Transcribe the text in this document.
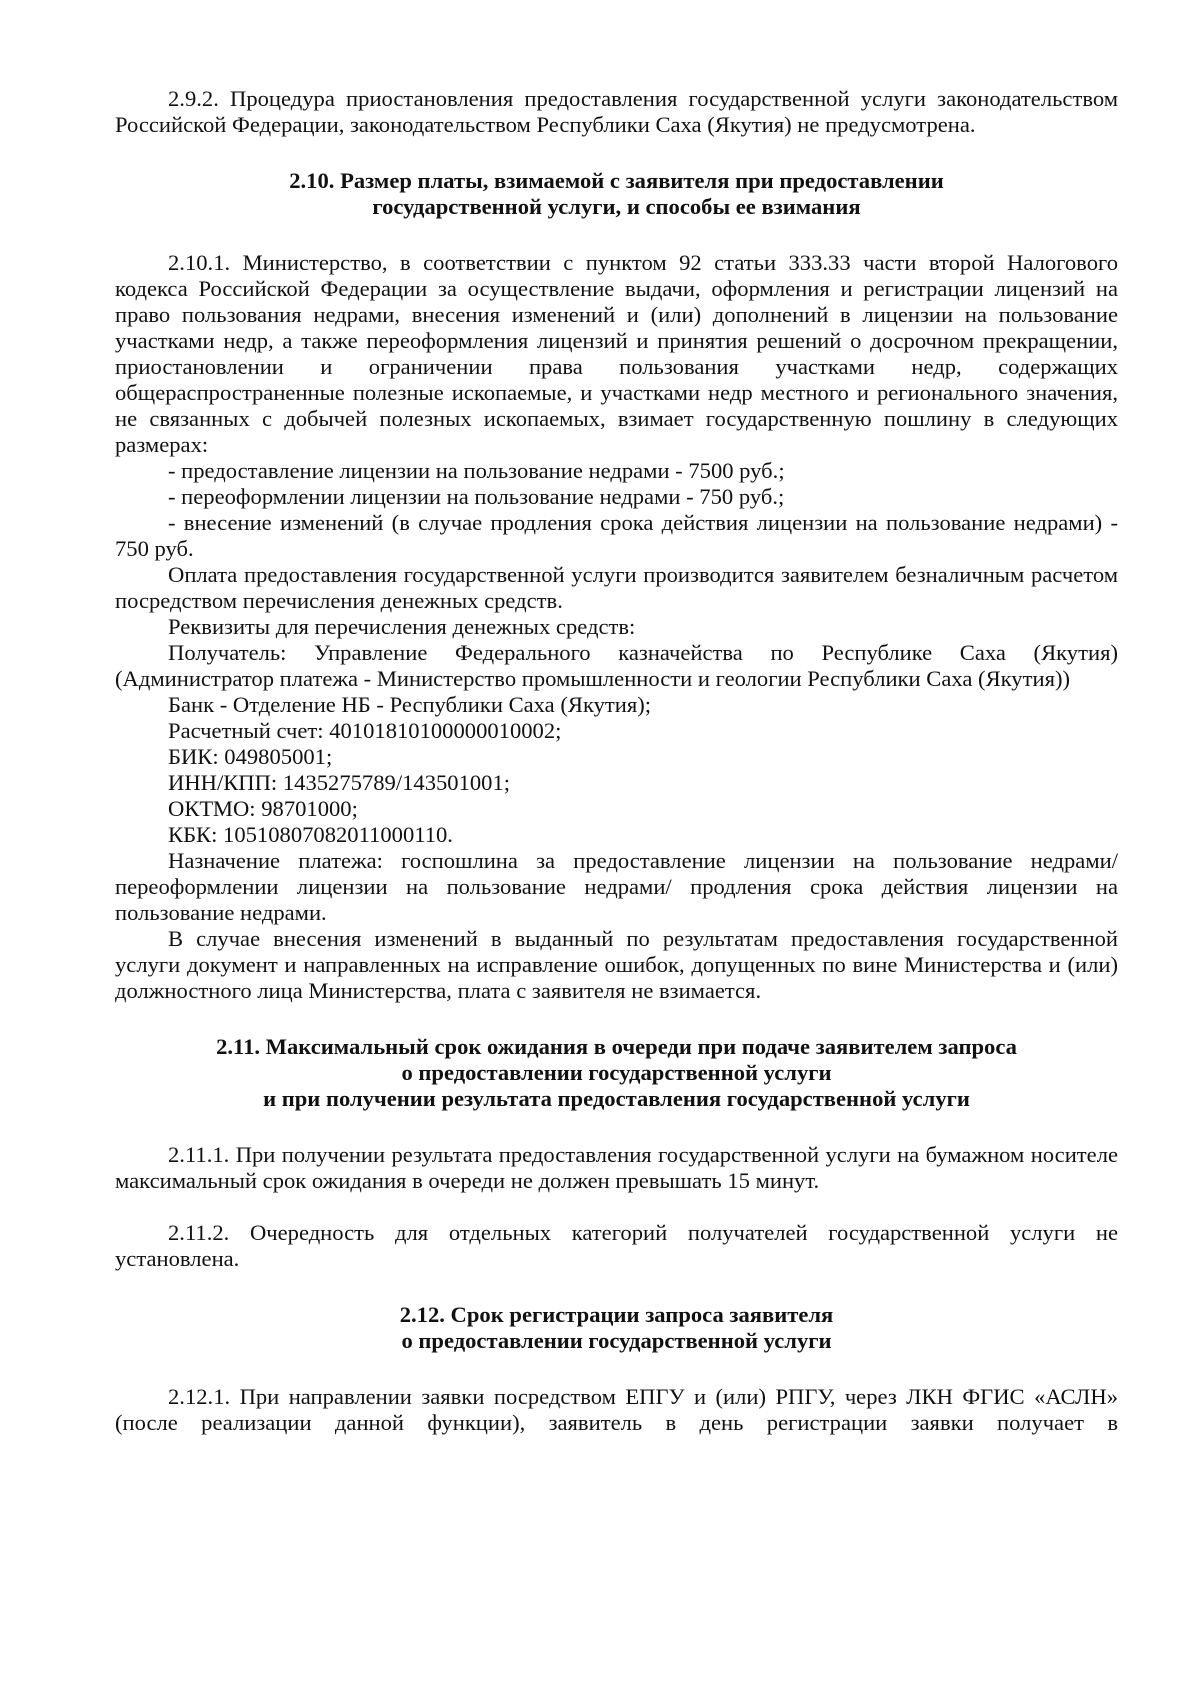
2.9.2. Процедура приостановления предоставления государственной услуги законодательством Российской Федерации, законодательством Республики Саха (Якутия) не предусмотрена.

2.10. Размер платы, взимаемой с заявителя при предоставлении
государственной услуги, и способы ее взимания

2.10.1. Министерство, в соответствии с пунктом 92 статьи 333.33 части второй Налогового кодекса Российской Федерации за осуществление выдачи, оформления и регистрации лицензий на право пользования недрами, внесения изменений и (или) дополнений в лицензии на пользование участками недр, а также переоформления лицензий и принятия решений о досрочном прекращении, приостановлении и ограничении права пользования участками недр, содержащих общераспространенные полезные ископаемые, и участками недр местного и регионального значения, не связанных с добычей полезных ископаемых, взимает государственную пошлину в следующих размерах:

- предоставление лицензии на пользование недрами - 7500 руб.;

- переоформлении лицензии на пользование недрами - 750 руб.;

- внесение изменений (в случае продления срока действия лицензии на пользование недрами) - 750 руб.

Оплата предоставления государственной услуги производится заявителем безналичным расчетом посредством перечисления денежных средств.

Реквизиты для перечисления денежных средств:

Получатель: Управление Федерального казначейства по Республике Саха (Якутия) (Администратор платежа - Министерство промышленности и геологии Республики Саха (Якутия))

Банк - Отделение НБ - Республики Саха (Якутия);

Расчетный счет: 40101810100000010002;

БИК: 049805001;

ИНН/КПП: 1435275789/143501001;

ОКТМО: 98701000;

КБК: 10510807082011000110.

Назначение платежа: госпошлина за предоставление лицензии на пользование недрами/ переоформлении лицензии на пользование недрами/ продления срока действия лицензии на пользование недрами.

В случае внесения изменений в выданный по результатам предоставления государственной услуги документ и направленных на исправление ошибок, допущенных по вине Министерства и (или) должностного лица Министерства, плата с заявителя не взимается.

2.11. Максимальный срок ожидания в очереди при подаче заявителем запроса
о предоставлении государственной услуги
и при получении результата предоставления государственной услуги

2.11.1. При получении результата предоставления государственной услуги на бумажном носителе максимальный срок ожидания в очереди не должен превышать 15 минут.

2.11.2. Очередность для отдельных категорий получателей государственной услуги не установлена.

2.12. Срок регистрации запроса заявителя
о предоставлении государственной услуги

2.12.1. При направлении заявки посредством ЕПГУ и (или) РПГУ, через ЛКН ФГИС «АСЛН» (после реализации данной функции), заявитель в день регистрации заявки получает в
